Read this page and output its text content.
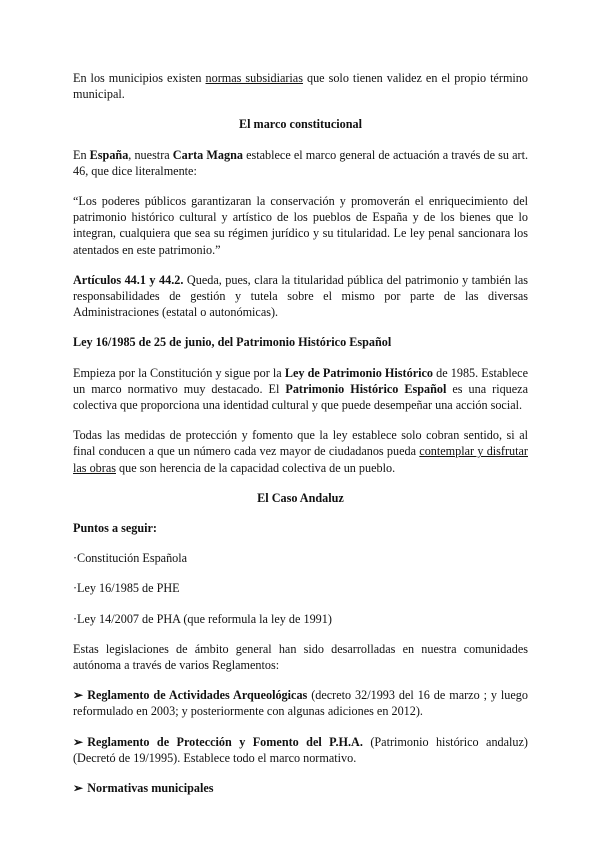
En los municipios existen normas subsidiarias que solo tienen validez en el propio término municipal.

El marco constitucional

En España, nuestra Carta Magna establece el marco general de actuación a través de su art. 46, que dice literalmente:

“Los poderes públicos garantizaran la conservación y promoverán el enriquecimiento del patrimonio histórico cultural y artístico de los pueblos de España y de los bienes que lo integran, cualquiera que sea su régimen jurídico y su titularidad. Le ley penal sancionara los atentados en este patrimonio.”

Artículos 44.1 y 44.2. Queda, pues, clara la titularidad pública del patrimonio y también las responsabilidades de gestión y tutela sobre el mismo por parte de las diversas Administraciones (estatal o autonómicas).

Ley 16/1985 de 25 de junio, del Patrimonio Histórico Español

Empieza por la Constitución y sigue por la Ley de Patrimonio Histórico de 1985. Establece un marco normativo muy destacado. El Patrimonio Histórico Español es una riqueza colectiva que proporciona una identidad cultural y que puede desempeñar una acción social.

Todas las medidas de protección y fomento que la ley establece solo cobran sentido, si al final conducen a que un número cada vez mayor de ciudadanos pueda contemplar y disfrutar las obras que son herencia de la capacidad colectiva de un pueblo.

El Caso Andaluz

Puntos a seguir:

·Constitución Española

·Ley 16/1985 de PHE

·Ley 14/2007 de PHA (que reformula la ley de 1991)

Estas legislaciones de ámbito general han sido desarrolladas en nuestra comunidades autónoma a través de varios Reglamentos:

➢ Reglamento de Actividades Arqueológicas (decreto 32/1993 del 16 de marzo ; y luego reformulado en 2003; y posteriormente con algunas adiciones en 2012).

➢ Reglamento de Protección y Fomento del P.H.A. (Patrimonio histórico andaluz) (Decretó de 19/1995). Establece todo el marco normativo.

➢ Normativas municipales
